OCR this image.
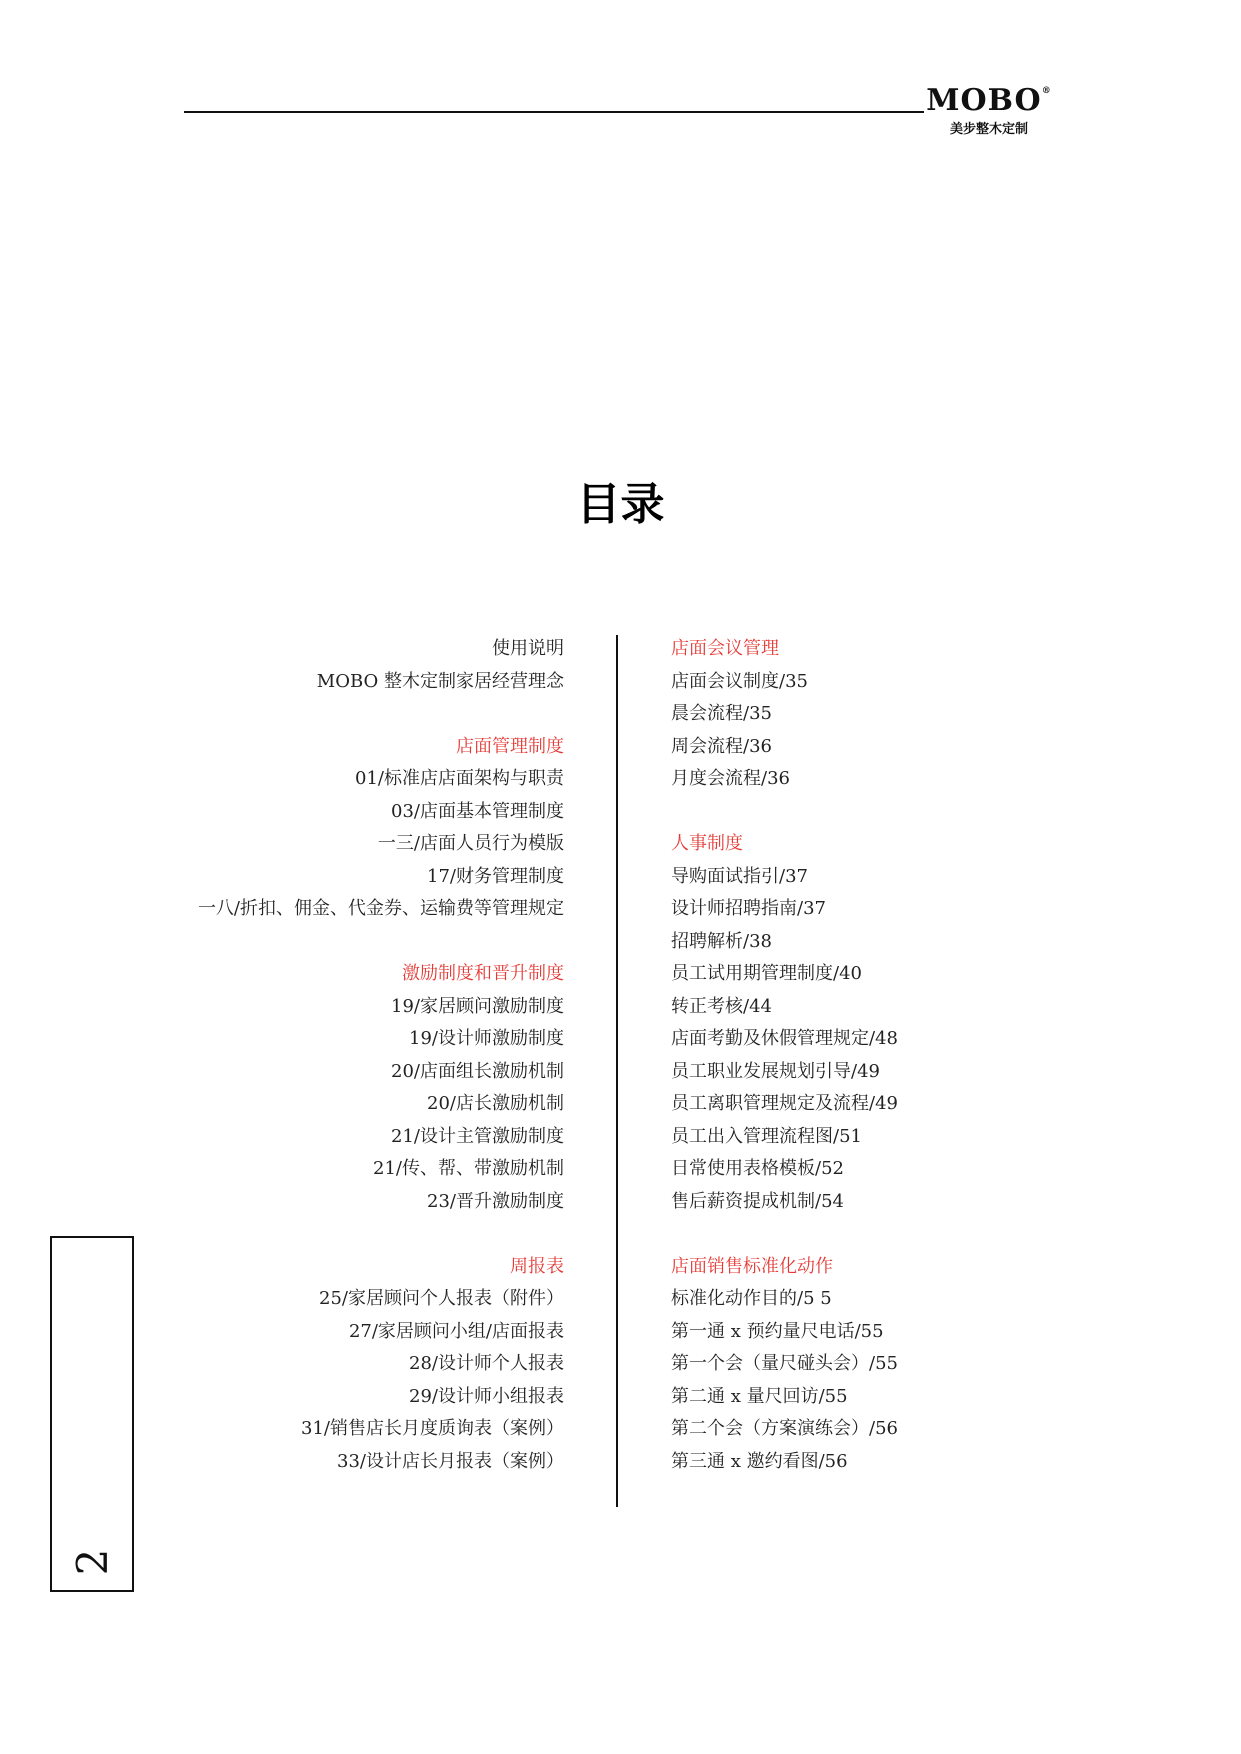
MOBO®
美步整木定制
目录
使用说明
MOBO 整木定制家居经营理念
店面管理制度
01/标准店店面架构与职责
03/店面基本管理制度
一三/店面人员行为模版
17/财务管理制度
一八/折扣、佣金、代金券、运输费等管理规定
激励制度和晋升制度
19/家居顾问激励制度
19/设计师激励制度
20/店面组长激励机制
20/店长激励机制
21/设计主管激励制度
21/传、帮、带激励机制
23/晋升激励制度
周报表
25/家居顾问个人报表（附件）
27/家居顾问小组/店面报表
28/设计师个人报表
29/设计师小组报表
31/销售店长月度质询表（案例）
33/设计店长月报表（案例）
店面会议管理
店面会议制度/35
晨会流程/35
周会流程/36
月度会流程/36
人事制度
导购面试指引/37
设计师招聘指南/37
招聘解析/38
员工试用期管理制度/40
转正考核/44
店面考勤及休假管理规定/48
员工职业发展规划引导/49
员工离职管理规定及流程/49
员工出入管理流程图/51
日常使用表格模板/52
售后薪资提成机制/54
店面销售标准化动作
标准化动作目的/5 5
第一通 x 预约量尺电话/55
第一个会（量尺碰头会）/55
第二通 x 量尺回访/55
第二个会（方案演练会）/56
第三通 x 邀约看图/56
2
